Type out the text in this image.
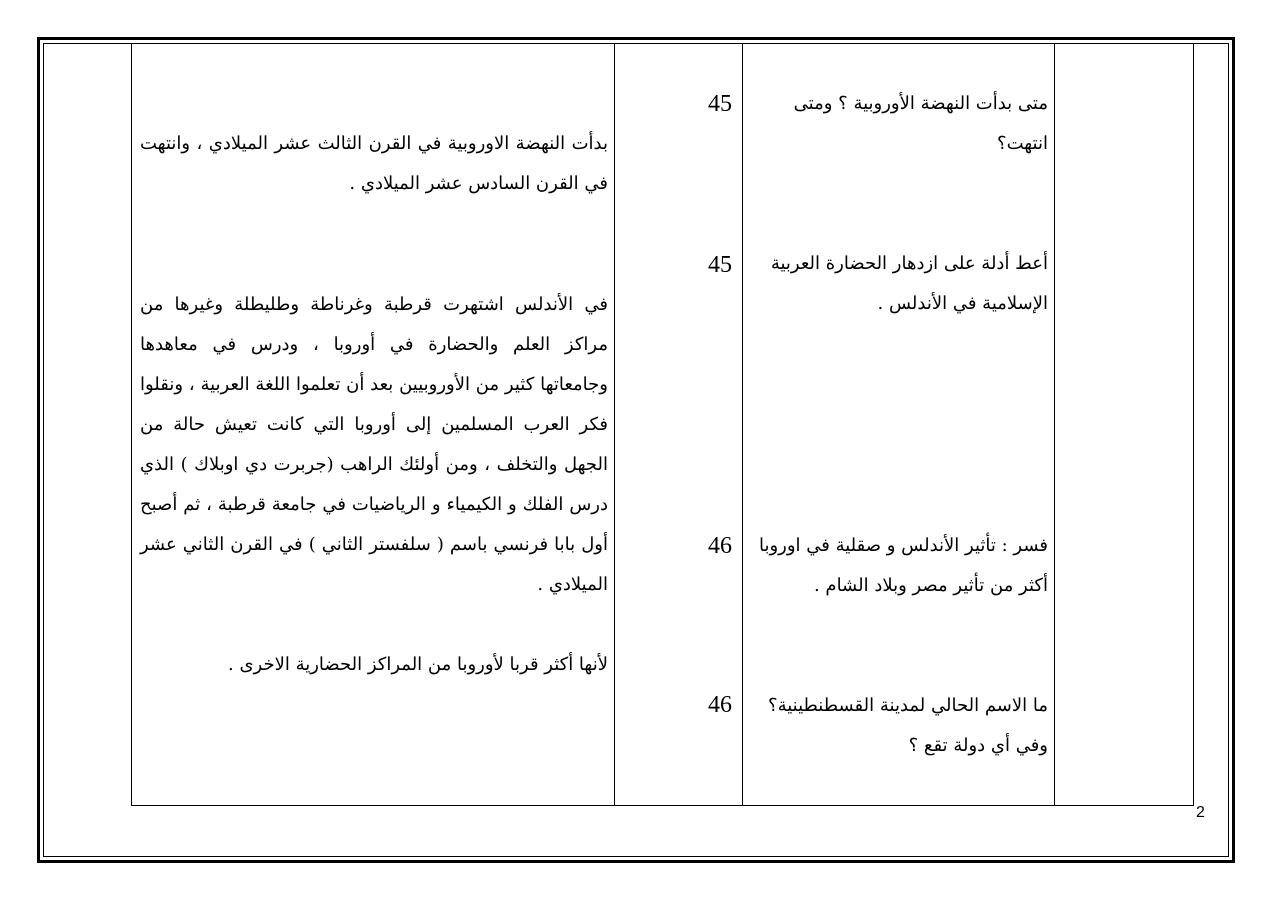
متى بدأت النهضة الأوروبية ؟ ومتى انتهت؟
45
بدأت النهضة الاوروبية في القرن الثالث عشر الميلادي ، وانتهت في القرن السادس عشر الميلادي .
أعط أدلة على ازدهار الحضارة العربية الإسلامية في الأندلس .
45
في الأندلس اشتهرت قرطبة وغرناطة وطليطلة وغيرها من مراكز العلم والحضارة في أوروبا ، ودرس في معاهدها وجامعاتها كثير من الأوروبيين بعد أن تعلموا اللغة العربية ، ونقلوا فكر العرب المسلمين إلى أوروبا التي كانت تعيش حالة من الجهل والتخلف ، ومن أولئك الراهب (جربرت دي اوبلاك ) الذي درس الفلك و الكيمياء و الرياضيات في جامعة قرطبة ، ثم أصبح أول بابا فرنسي باسم ( سلفستر الثاني ) في القرن الثاني عشر الميلادي .
فسر : تأثير الأندلس و صقلية في اوروبا أكثر من تأثير مصر وبلاد الشام .
46
لأنها أكثر قربا لأوروبا من المراكز الحضارية الاخرى .
ما الاسم الحالي لمدينة القسطنطينية؟ وفي أي دولة تقع ؟
46
2
